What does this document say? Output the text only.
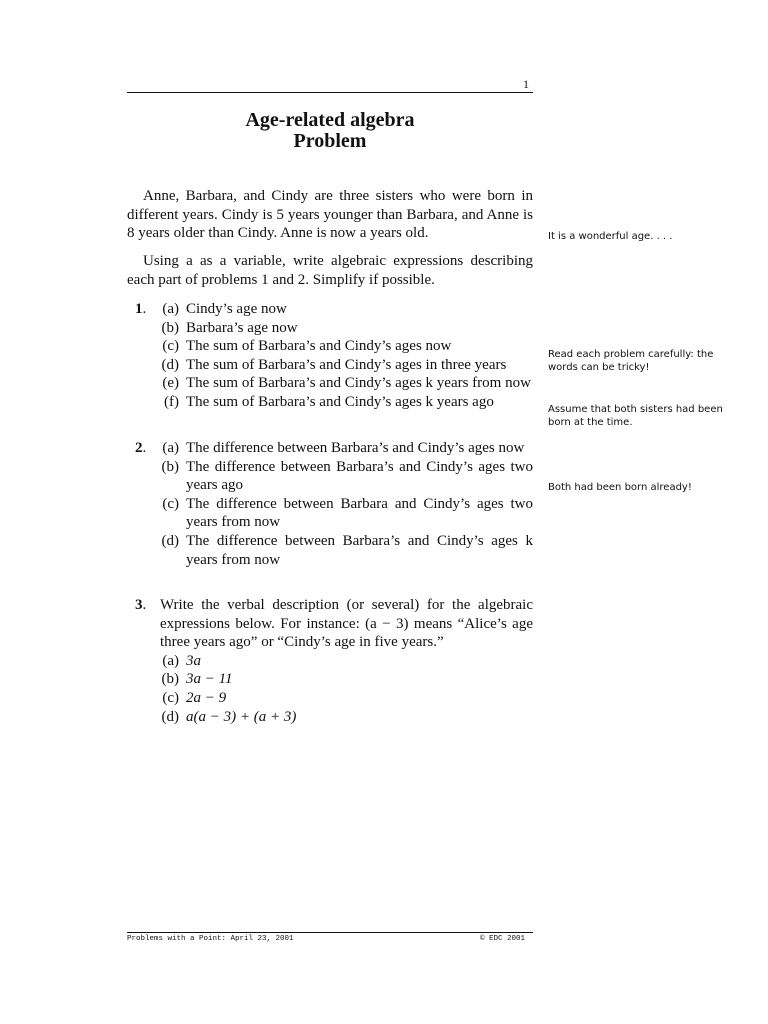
1
Age-related algebra
Problem

Anne, Barbara, and Cindy are three sisters who were born in different years. Cindy is 5 years younger than Barbara, and Anne is 8 years older than Cindy. Anne is now a years old.

Using a as a variable, write algebraic expressions describing each part of problems 1 and 2. Simplify if possible.

It is a wonderful age. . . .
Read each problem carefully: the words can be tricky!
Assume that both sisters had been born at the time.
Both had been born already!
1.	(a) Cindy’s age now
(b) Barbara’s age now
(c) The sum of Barbara’s and Cindy’s ages now
(d) The sum of Barbara’s and Cindy’s ages in three years
(e) The sum of Barbara’s and Cindy’s ages k years from now
(f) The sum of Barbara’s and Cindy’s ages k years ago
2.	(a) The difference between Barbara’s and Cindy’s ages now
(b) The difference between Barbara’s and Cindy’s ages two years ago
(c) The difference between Barbara and Cindy’s ages two years from now
(d) The difference between Barbara’s and Cindy’s ages k years from now
3. Write the verbal description (or several) for the algebraic expressions below. For instance: (a − 3) means “Alice’s age three years ago” or “Cindy’s age in five years.”
(a) 3a
(b) 3a − 11
(c) 2a − 9
(d) a(a − 3) + (a + 3)
Problems with a Point: April 23, 2001	© EDC 2001
